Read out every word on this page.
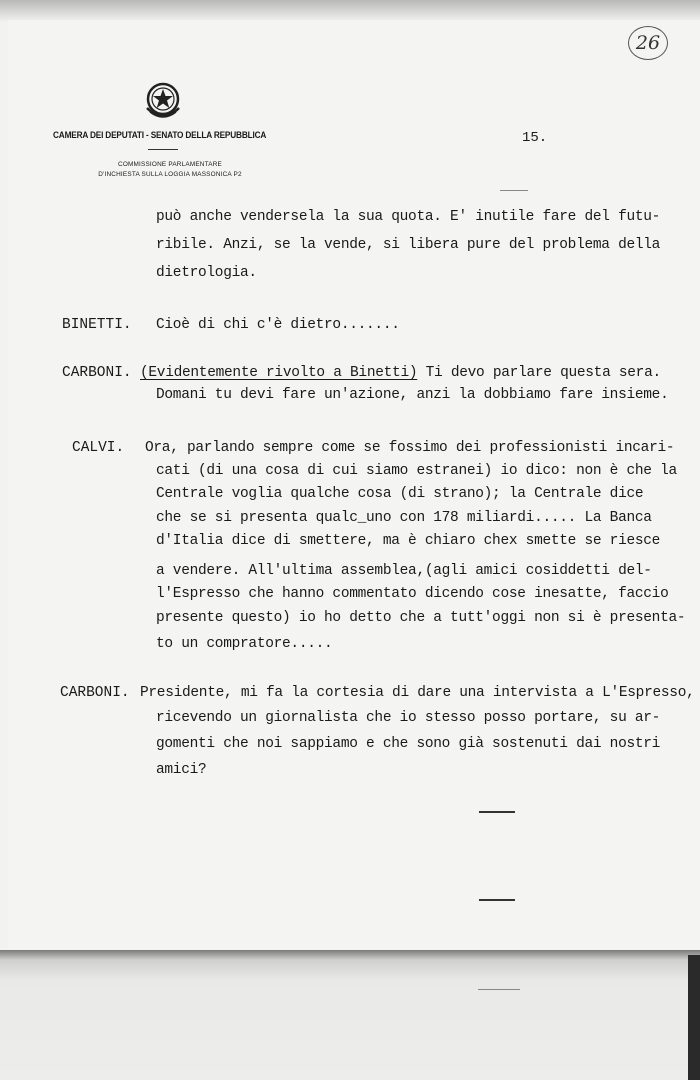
26
CAMERA DEI DEPUTATI - SENATO DELLA REPUBBLICA
COMMISSIONE PARLAMENTARE
D'INCHIESTA SULLA LOGGIA MASSONICA P2
15.
può anche vendersela la sua quota. E' inutile fare del futu-
ribile. Anzi, se la vende, si libera pure del problema della
dietrologia.
BINETTI. Cioè di chi c'è dietro.......
CARBONI. (Evidentemente rivolto a Binetti) Ti devo parlare questa sera.
Domani tu devi fare un'azione, anzi la dobbiamo fare insieme.
CALVI. Ora, parlando sempre come se fossimo dei professionisti incari-
cati (di una cosa di cui siamo estranei) io dico: non è che la
Centrale voglia qualche cosa (di strano); la Centrale dice
che se si presenta qualc_uno con 178 miliardi..... La Banca
d'Italia dice di smettere, ma è chiaro chex smette se riesce
a vendere. All'ultima assemblea,(agli amici cosiddetti del-
l'Espresso che hanno commentato dicendo cose inesatte, faccio
presente questo) io ho detto che a tutt'oggi non si è presenta-
to un compratore.....
CARBONI. Presidente, mi fa la cortesia di dare una intervista a L'Espresso,
ricevendo un giornalista che io stesso posso portare, su ar-
gomenti che noi sappiamo e che sono già sostenuti dai nostri
amici?
